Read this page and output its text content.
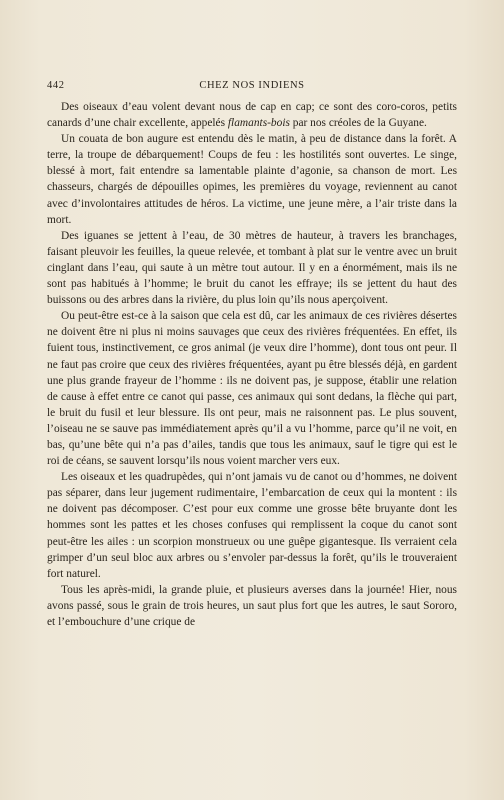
442	CHEZ NOS INDIENS

Des oiseaux d’eau volent devant nous de cap en cap; ce sont des coro-coros, petits canards d’une chair excellente, appelés flamants-bois par nos créoles de la Guyane.

Un couata de bon augure est entendu dès le matin, à peu de distance dans la forêt. A terre, la troupe de débarquement! Coups de feu : les hostilités sont ouvertes. Le singe, blessé à mort, fait entendre sa lamentable plainte d’agonie, sa chanson de mort. Les chasseurs, chargés de dépouilles opimes, les premières du voyage, reviennent au canot avec d’involontaires attitudes de héros. La victime, une jeune mère, a l’air triste dans la mort.

Des iguanes se jettent à l’eau, de 30 mètres de hauteur, à travers les branchages, faisant pleuvoir les feuilles, la queue relevée, et tombant à plat sur le ventre avec un bruit cinglant dans l’eau, qui saute à un mètre tout autour. Il y en a énormément, mais ils ne sont pas habitués à l’homme; le bruit du canot les effraye; ils se jettent du haut des buissons ou des arbres dans la rivière, du plus loin qu’ils nous aperçoivent.

Ou peut-être est-ce à la saison que cela est dû, car les animaux de ces rivières désertes ne doivent être ni plus ni moins sauvages que ceux des rivières fréquentées. En effet, ils fuient tous, instinctivement, ce gros animal (je veux dire l’homme), dont tous ont peur. Il ne faut pas croire que ceux des rivières fréquentées, ayant pu être blessés déjà, en gardent une plus grande frayeur de l’homme : ils ne doivent pas, je suppose, établir une relation de cause à effet entre ce canot qui passe, ces animaux qui sont dedans, la flèche qui part, le bruit du fusil et leur blessure. Ils ont peur, mais ne raisonnent pas. Le plus souvent, l’oiseau ne se sauve pas immédiatement après qu’il a vu l’homme, parce qu’il ne voit, en bas, qu’une bête qui n’a pas d’ailes, tandis que tous les animaux, sauf le tigre qui est le roi de céans, se sauvent lorsqu’ils nous voient marcher vers eux.

Les oiseaux et les quadrupèdes, qui n’ont jamais vu de canot ou d’hommes, ne doivent pas séparer, dans leur jugement rudimentaire, l’embarcation de ceux qui la montent : ils ne doivent pas décomposer. C’est pour eux comme une grosse bête bruyante dont les hommes sont les pattes et les choses confuses qui remplissent la coque du canot sont peut-être les ailes : un scorpion monstrueux ou une guêpe gigantesque. Ils verraient cela grimper d’un seul bloc aux arbres ou s’envoler par-dessus la forêt, qu’ils le trouveraient fort naturel.

Tous les après-midi, la grande pluie, et plusieurs averses dans la journée! Hier, nous avons passé, sous le grain de trois heures, un saut plus fort que les autres, le saut Sororo, et l’embouchure d’une crique de
